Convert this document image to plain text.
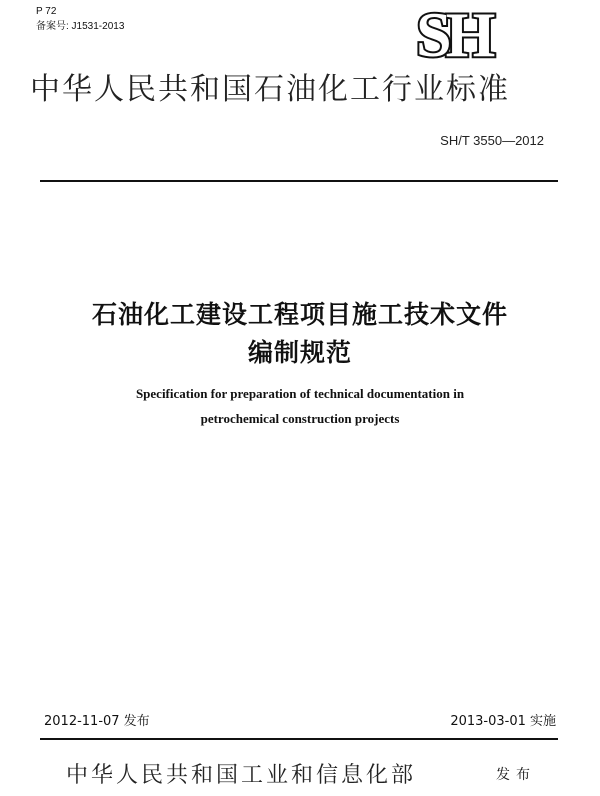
P 72
备案号: J1531-2013	SH
中华人民共和国石油化工行业标准
SH/T 3550—2012
石油化工建设工程项目施工技术文件
编制规范
Specification for preparation of technical documentation in
petrochemical construction projects
2012-11-07 发布	2013-03-01 实施
中华人民共和国工业和信息化部	发布
